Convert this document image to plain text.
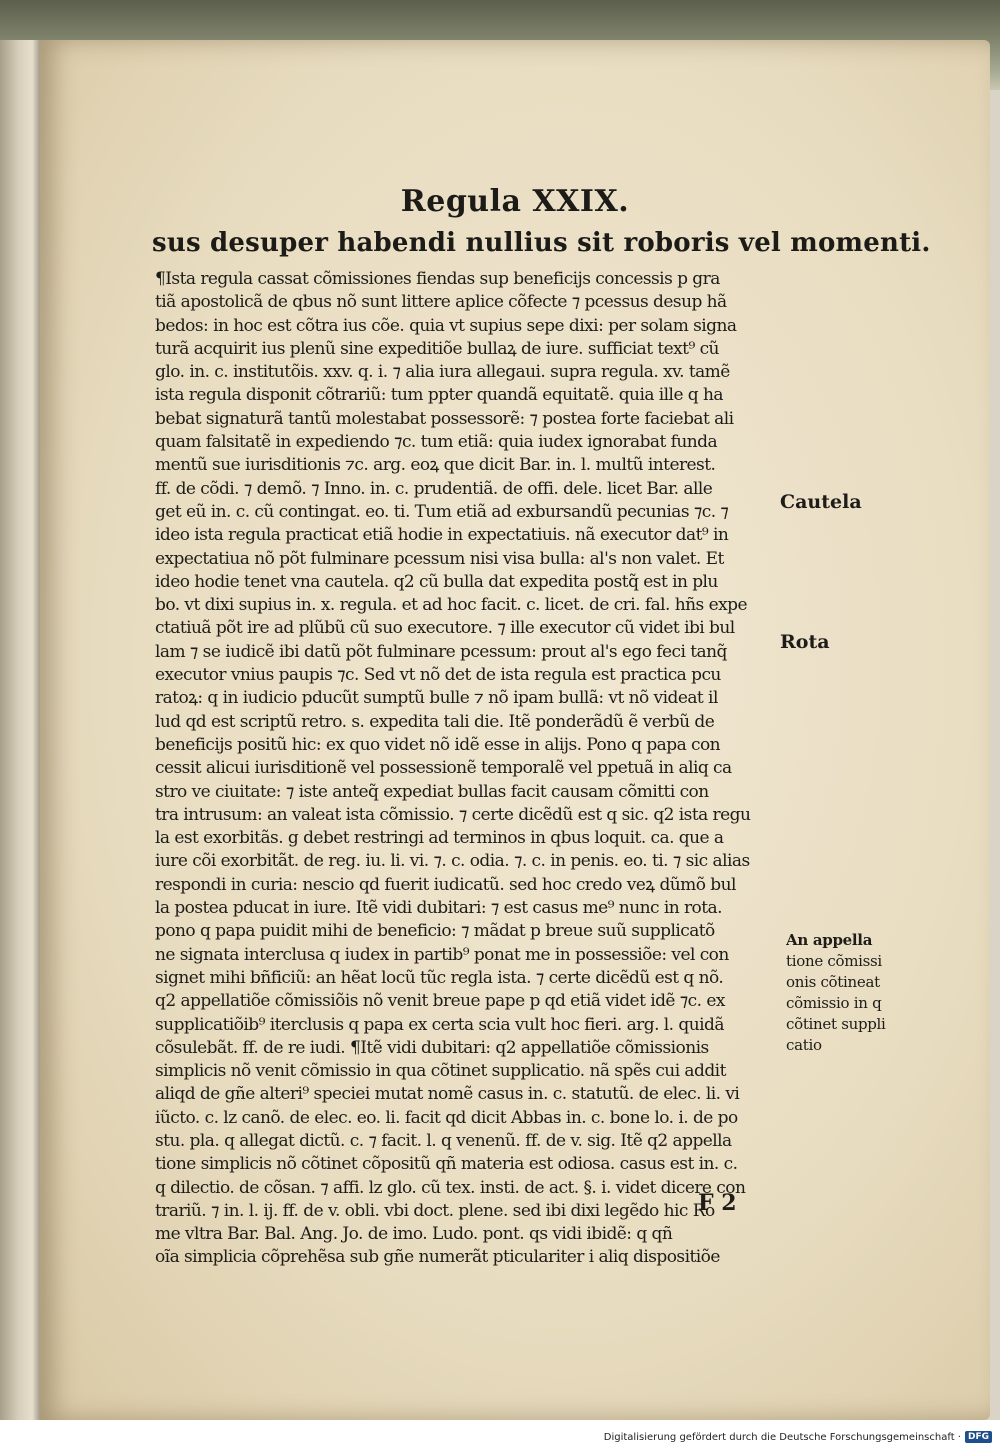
Regula XXIX.
sus desuper habendi nullius sit roboris vel momenti.
¶Ista regula cassat cõmissiones fiendas sup beneficijs concessis p gra
tiã apostolicã de qbus nõ sunt littere aplice cõfecte ⁊ pcessus desup hã
bedos: in hoc est cõtra ius cõe. quia vt supius sepe dixi: per solam signa
turã acquirit ius plenũ sine expeditiõe bullaꝝ de iure. sufficiat text⁹ cũ
glo. in. c. institutõis. xxv. q. i. ⁊ alia iura allegaui. supra regula. xv. tamẽ
ista regula disponit cõtrariũ: tum ppter quandã equitatẽ. quia ille q ha
bebat signaturã tantũ molestabat possessorẽ: ⁊ postea forte faciebat ali
quam falsitatẽ in expediendo ⁊c. tum etiã: quia iudex ignorabat funda
mentũ sue iurisditionis ⁊c. arg. eoꝝ que dicit Bar. in. l. multũ interest.
ff. de cõdi. ⁊ demõ. ⁊ Inno. in. c. prudentiã. de offi. dele. licet Bar. alle
get eũ in. c. cũ contingat. eo. ti. Tum etiã ad exbursandũ pecunias ⁊c. ⁊
ideo ista regula practicat etiã hodie in expectatiuis. nã executor dat⁹ in
expectatiua nõ põt fulminare pcessum nisi visa bulla: al's non valet. Et
ideo hodie tenet vna cautela. q2 cũ bulla dat expedita postq̃ est in plu
bo. vt dixi supius in. x. regula. et ad hoc facit. c. licet. de cri. fal. hñs expe
ctatiuã põt ire ad plũbũ cũ suo executore. ⁊ ille executor cũ videt ibi bul
lam ⁊ se iudicẽ ibi datũ põt fulminare pcessum: prout al's ego feci tanq̃
executor vnius paupis ⁊c. Sed vt nõ det de ista regula est practica pcu
ratoꝝ: q in iudicio pducũt sumptũ bulle ⁊ nõ ipam bullã: vt nõ videat il
lud qd est scriptũ retro. s. expedita tali die. Itẽ ponderãdũ ẽ verbũ de
beneficijs positũ hic: ex quo videt nõ idẽ esse in alijs. Pono q papa con
cessit alicui iurisditionẽ vel possessionẽ temporalẽ vel ppetuã in aliq ca
stro ve ciuitate: ⁊ iste anteq̃ expediat bullas facit causam cõmitti con
tra intrusum: an valeat ista cõmissio. ⁊ certe dicẽdũ est q sic. q2 ista regu
la est exorbitãs. g debet restringi ad terminos in qbus loquit. ca. que a
iure cõi exorbitãt. de reg. iu. li. vi. ⁊. c. odia. ⁊. c. in penis. eo. ti. ⁊ sic alias
respondi in curia: nescio qd fuerit iudicatũ. sed hoc credo veꝝ dũmõ bul
la postea pducat in iure. Itẽ vidi dubitari: ⁊ est casus me⁹ nunc in rota.
pono q papa puidit mihi de beneficio: ⁊ mãdat p breue suũ supplicatõ
ne signata interclusa q iudex in partib⁹ ponat me in possessiõe: vel con
signet mihi bñficiũ: an hẽat locũ tũc regla ista. ⁊ certe dicẽdũ est q nõ.
q2 appellatiõe cõmissiõis nõ venit breue pape p qd etiã videt idẽ ⁊c. ex
supplicatiõib⁹ iterclusis q papa ex certa scia vult hoc fieri. arg. l. quidã
cõsulebãt. ff. de re iudi. ¶Itẽ vidi dubitari: q2 appellatiõe cõmissionis
simplicis nõ venit cõmissio in qua cõtinet supplicatio. nã spẽs cui addit
aliqd de gñe alteri⁹ speciei mutat nomẽ casus in. c. statutũ. de elec. li. vi
iũcto. c. lz canõ. de elec. eo. li. facit qd dicit Abbas in. c. bone lo. i. de po
stu. pla. q allegat dictũ. c. ⁊ facit. l. q venenũ. ff. de v. sig. Itẽ q2 appella
tione simplicis nõ cõtinet cõpositũ qñ materia est odiosa. casus est in. c.
q dilectio. de cõsan. ⁊ affi. lz glo. cũ tex. insti. de act. §. i. videt dicere con
trariũ. ⁊ in. l. ij. ff. de v. obli. vbi doct. plene. sed ibi dixi legẽdo hic Ro
me vltra Bar. Bal. Ang. Jo. de imo. Ludo. pont. qs vidi ibidẽ: q qñ
oĩa simplicia cõprehẽsa sub gñe numerãt pticulariter i aliq dispositiõe
Cautela
Rota
An appella
tione cõmissi
onis cõtineat
cõmissio in q
cõtinet suppli
catio
F 2
Digitalisierung gefördert durch die Deutsche Forschungsgemeinschaft · DFG
